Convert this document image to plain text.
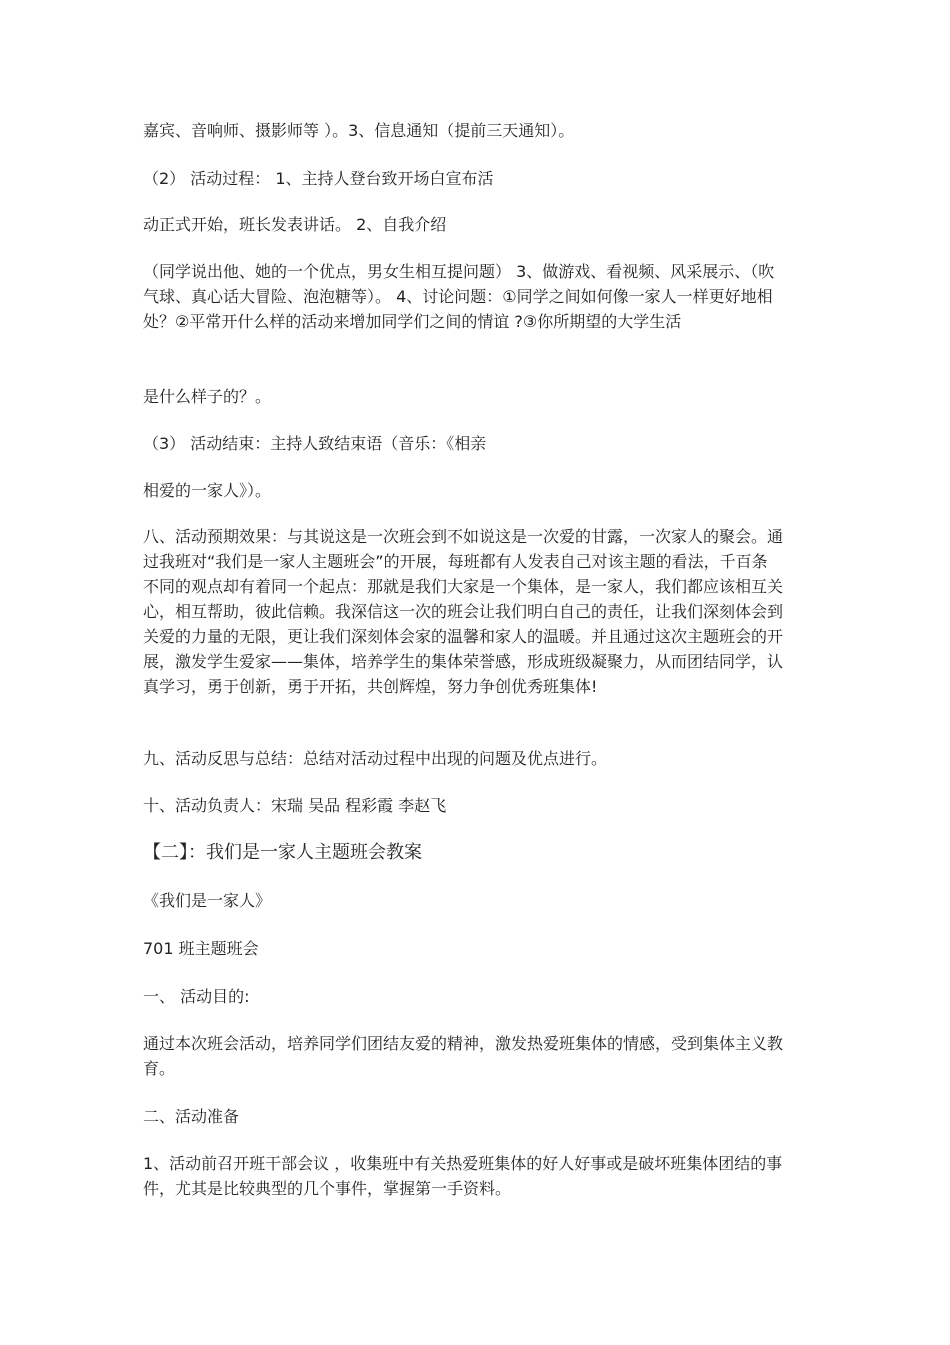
嘉宾、音响师、摄影师等 ）。3、信息通知（提前三天通知）。

（2） 活动过程： 1、主持人登台致开场白宣布活

动正式开始，班长发表讲话。 2、自我介绍

（同学说出他、她的一个优点，男女生相互提问题） 3、做游戏、看视频、风采展示、（吹气球、真心话大冒险、泡泡糖等）。 4、讨论问题：①同学之间如何像一家人一样更好地相处？②平常开什么样的活动来增加同学们之间的情谊 ?③你所期望的大学生活

是什么样子的？。

（3） 活动结束：主持人致结束语（音乐：《相亲

相爱的一家人》）。

八、活动预期效果：与其说这是一次班会到不如说这是一次爱的甘露，一次家人的聚会。通过我班对“我们是一家人主题班会”的开展，每班都有人发表自己对该主题的看法，千百条不同的观点却有着同一个起点：那就是我们大家是一个集体，是一家人，我们都应该相互关心，相互帮助，彼此信赖。我深信这一次的班会让我们明白自己的责任，让我们深刻体会到关爱的力量的无限，更让我们深刻体会家的温馨和家人的温暖。并且通过这次主题班会的开展，激发学生爱家——集体，培养学生的集体荣誉感，形成班级凝聚力，从而团结同学，认真学习，勇于创新，勇于开拓，共创辉煌，努力争创优秀班集体!

九、活动反思与总结：总结对活动过程中出现的问题及优点进行。

十、活动负责人：宋瑞 吴品 程彩霞 李赵飞

【二】：我们是一家人主题班会教案

《我们是一家人》

701 班主题班会

一、 活动目的:

通过本次班会活动，培养同学们团结友爱的精神，激发热爱班集体的情感，受到集体主义教育。

二、活动准备

1、活动前召开班干部会议 ，收集班中有关热爱班集体的好人好事或是破坏班集体团结的事件，尤其是比较典型的几个事件，掌握第一手资料。
